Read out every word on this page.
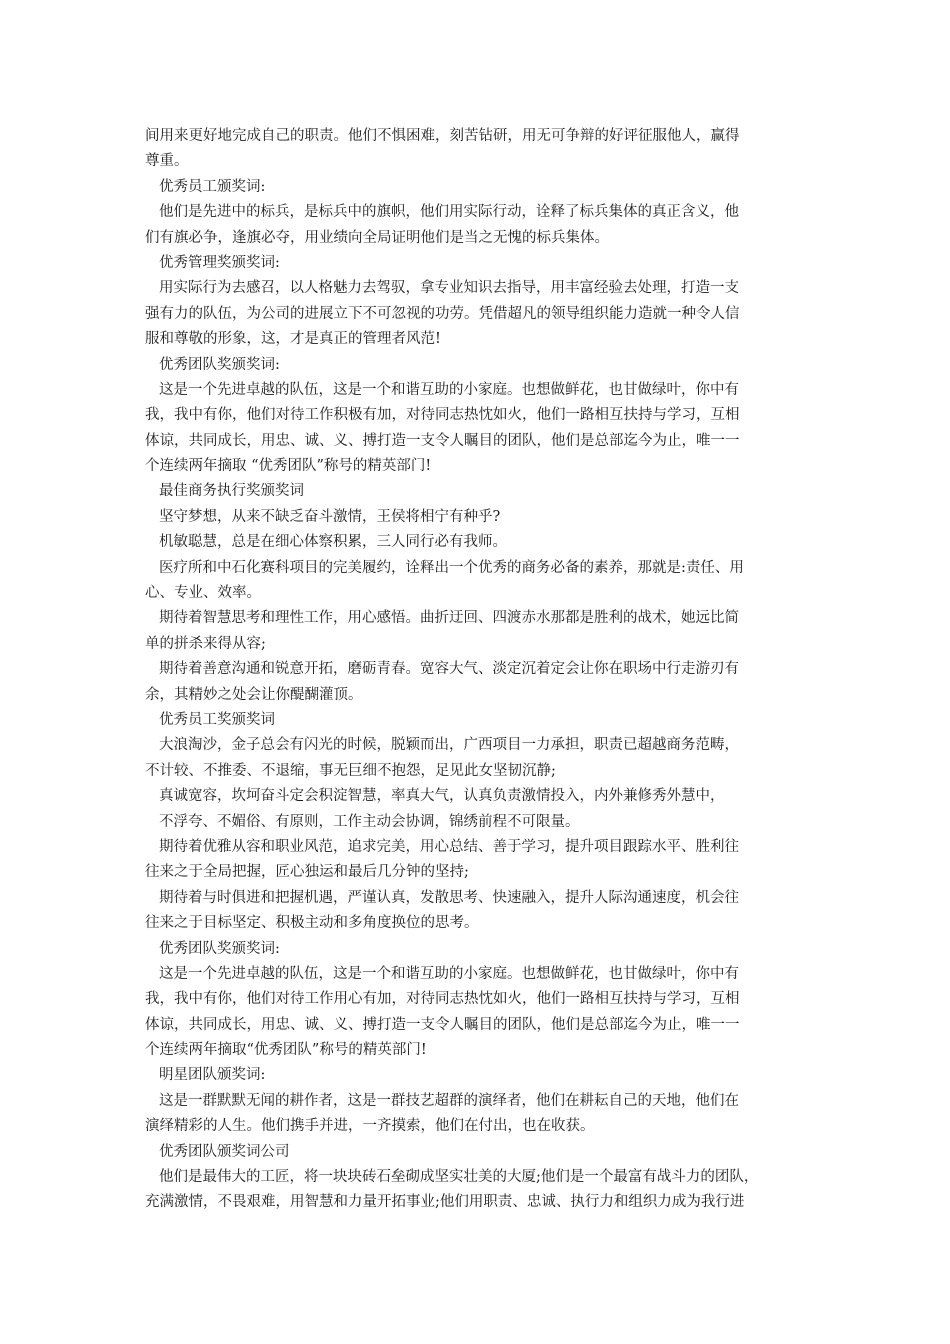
间用来更好地完成自己的职责。他们不惧困难，刻苦钻研，用无可争辩的好评征服他人，赢得
尊重。
优秀员工颁奖词:
他们是先进中的标兵，是标兵中的旗帜，他们用实际行动，诠释了标兵集体的真正含义，他
们有旗必争，逢旗必夺，用业绩向全局证明他们是当之无愧的标兵集体。
优秀管理奖颁奖词:
用实际行为去感召，以人格魅力去驾驭，拿专业知识去指导，用丰富经验去处理，打造一支
强有力的队伍，为公司的进展立下不可忽视的功劳。凭借超凡的领导组织能力造就一种令人信
服和尊敬的形象，这，才是真正的管理者风范!
优秀团队奖颁奖词:
这是一个先进卓越的队伍，这是一个和谐互助的小家庭。也想做鲜花，也甘做绿叶，你中有
我，我中有你，他们对待工作积极有加，对待同志热忱如火，他们一路相互扶持与学习，互相
体谅，共同成长，用忠、诚、义、搏打造一支令人瞩目的团队，他们是总部迄今为止，唯一一
个连续两年摘取 “优秀团队”称号的精英部门!
最佳商务执行奖颁奖词
坚守梦想，从来不缺乏奋斗激情，王侯将相宁有种乎?
机敏聪慧，总是在细心体察积累，三人同行必有我师。
医疗所和中石化赛科项目的完美履约，诠释出一个优秀的商务必备的素养，那就是:责任、用
心、专业、效率。
期待着智慧思考和理性工作，用心感悟。曲折迂回、四渡赤水那都是胜利的战术，她远比简
单的拼杀来得从容;
期待着善意沟通和锐意开拓，磨砺青春。宽容大气、淡定沉着定会让你在职场中行走游刃有
余，其精妙之处会让你醍醐灌顶。
优秀员工奖颁奖词
大浪淘沙，金子总会有闪光的时候，脱颖而出，广西项目一力承担，职责已超越商务范畴，
不计较、不推委、不退缩，事无巨细不抱怨，足见此女坚韧沉静;
真诚宽容，坎坷奋斗定会积淀智慧，率真大气，认真负责激情投入，内外兼修秀外慧中，
不浮夸、不媚俗、有原则，工作主动会协调，锦绣前程不可限量。
期待着优雅从容和职业风范，追求完美，用心总结、善于学习，提升项目跟踪水平、胜利往
往来之于全局把握，匠心独运和最后几分钟的坚持;
期待着与时俱进和把握机遇，严谨认真，发散思考、快速融入，提升人际沟通速度，机会往
往来之于目标坚定、积极主动和多角度换位的思考。
优秀团队奖颁奖词:
这是一个先进卓越的队伍，这是一个和谐互助的小家庭。也想做鲜花，也甘做绿叶，你中有
我，我中有你，他们对待工作用心有加，对待同志热忱如火，他们一路相互扶持与学习，互相
体谅，共同成长，用忠、诚、义、搏打造一支令人瞩目的团队，他们是总部迄今为止，唯一一
个连续两年摘取“优秀团队”称号的精英部门!
明星团队颁奖词:
这是一群默默无闻的耕作者，这是一群技艺超群的演绎者，他们在耕耘自己的天地，他们在
演绎精彩的人生。他们携手并进，一齐摸索，他们在付出，也在收获。
优秀团队颁奖词公司
他们是最伟大的工匠，将一块块砖石垒砌成坚实壮美的大厦;他们是一个最富有战斗力的团队，
充满激情，不畏艰难，用智慧和力量开拓事业;他们用职责、忠诚、执行力和组织力成为我行进
